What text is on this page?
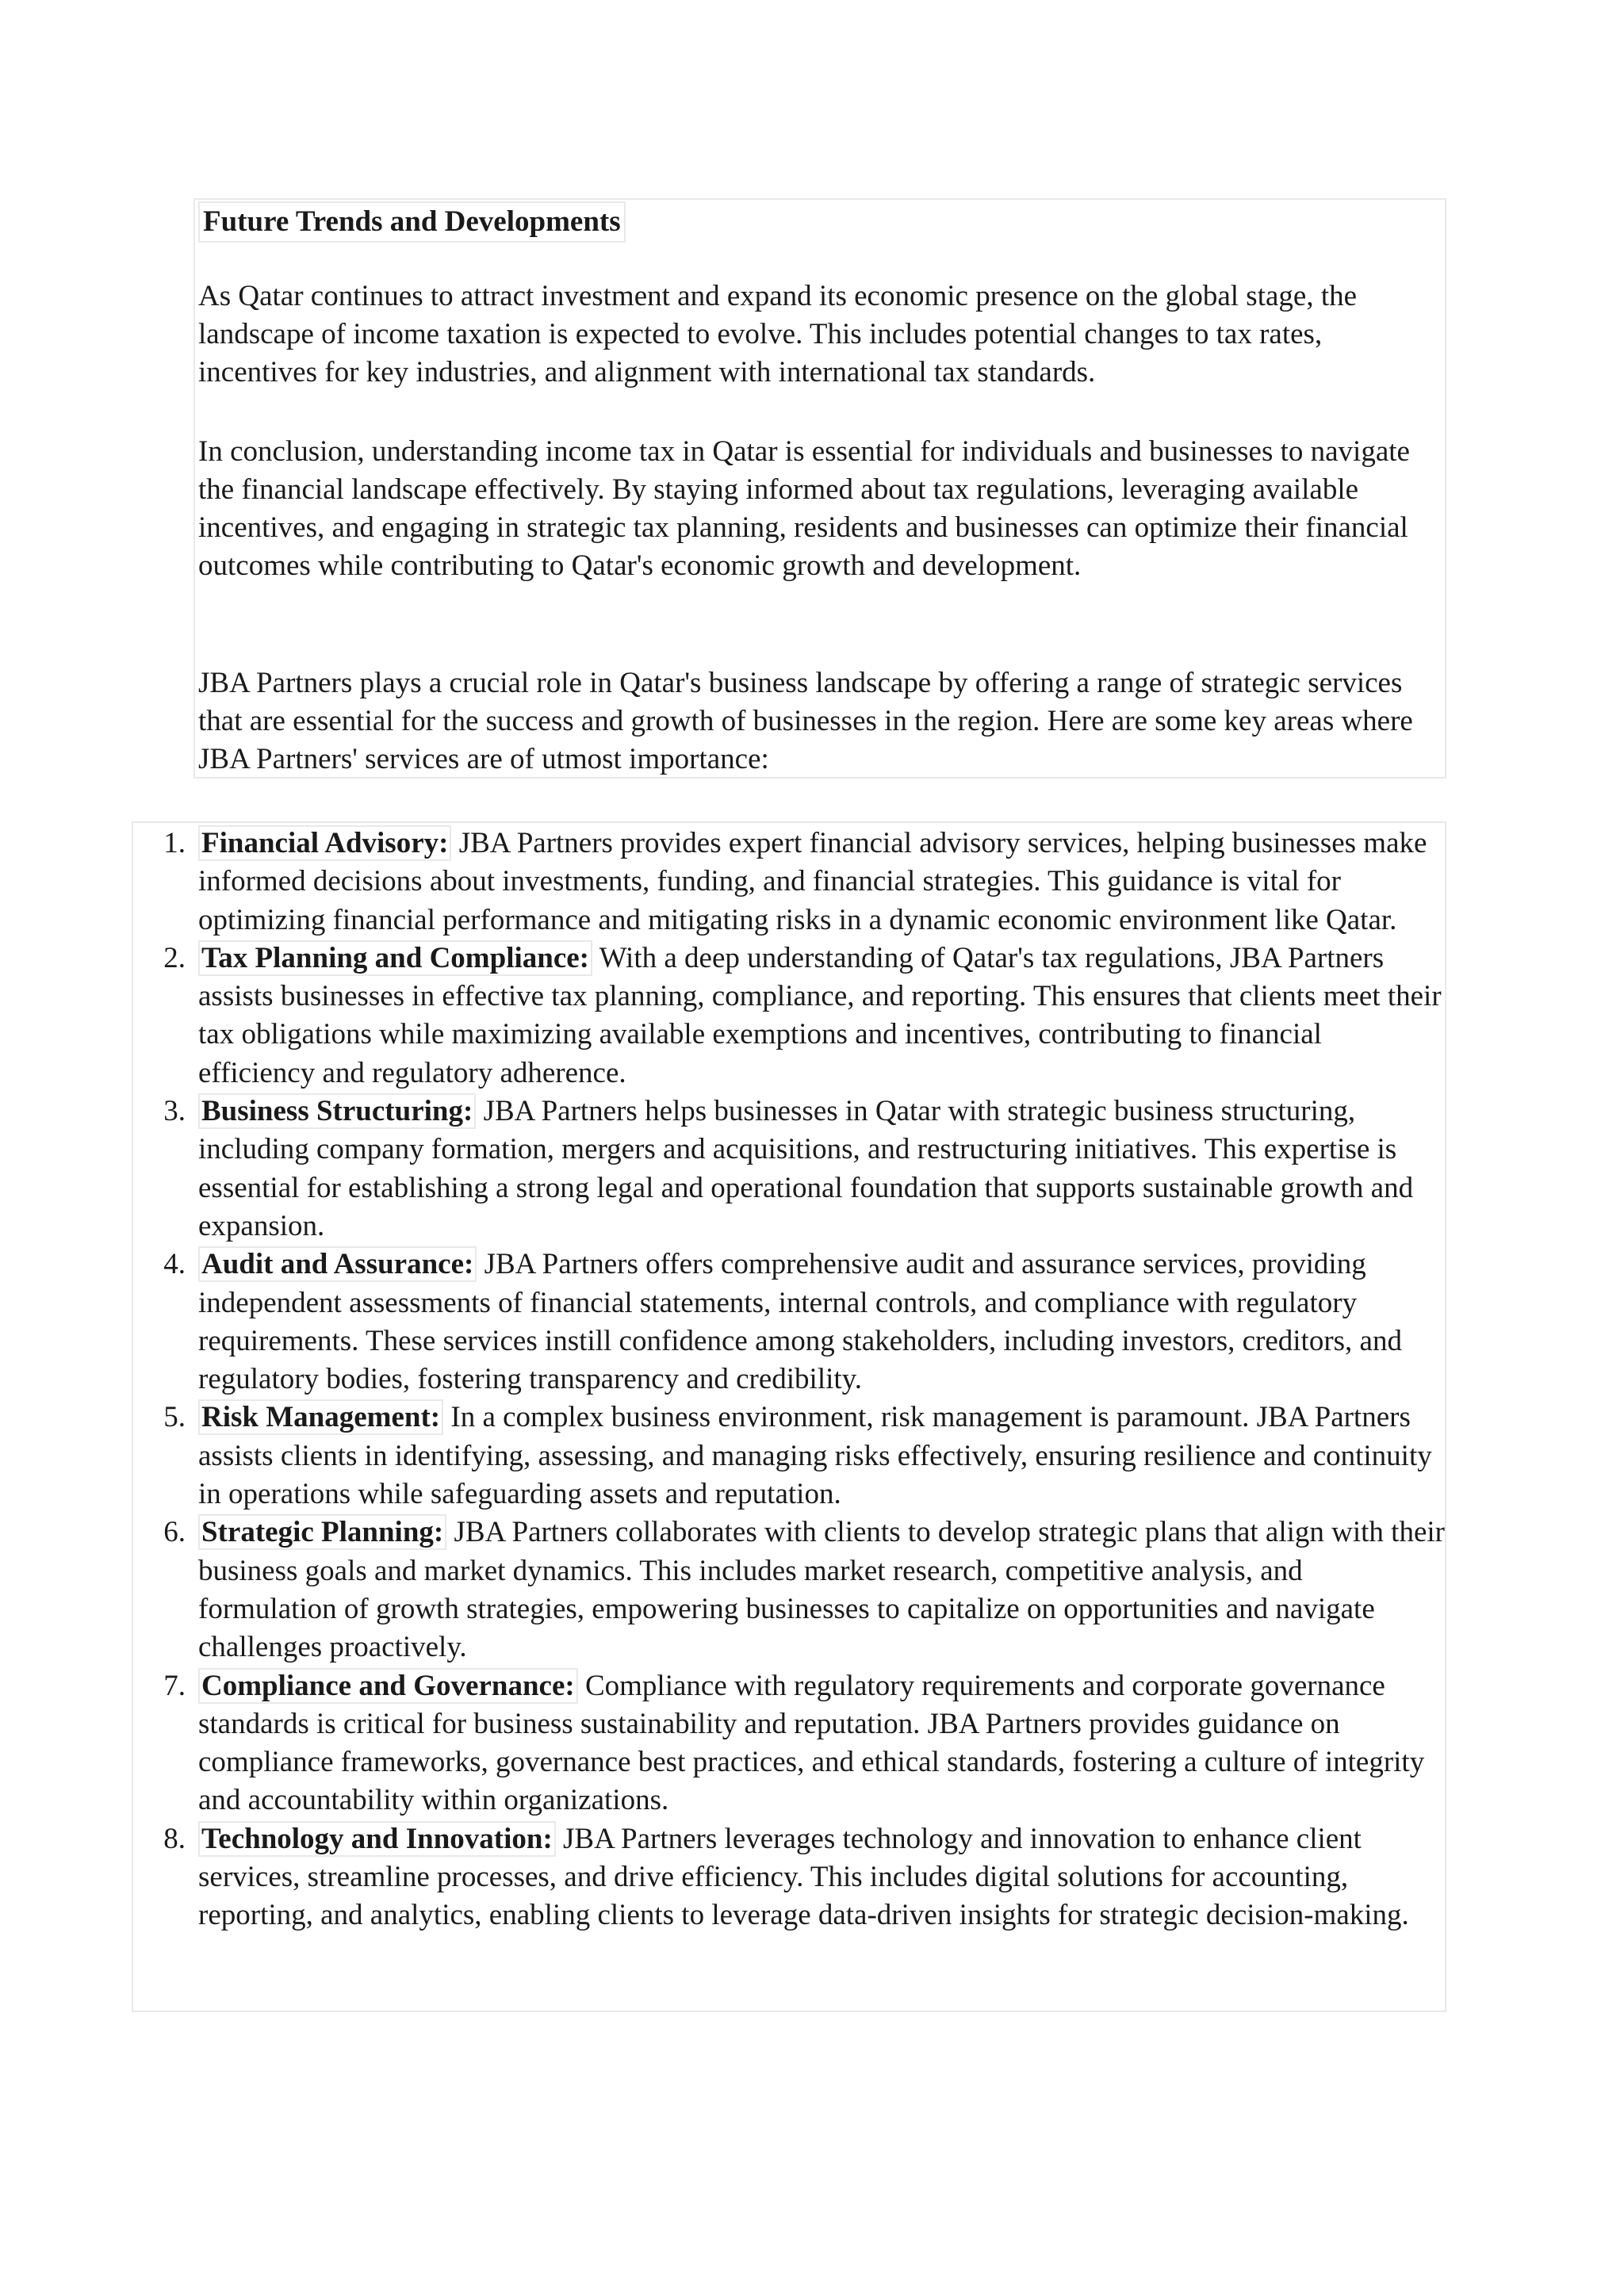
Future Trends and Developments

As Qatar continues to attract investment and expand its economic presence on the global stage, the landscape of income taxation is expected to evolve. This includes potential changes to tax rates, incentives for key industries, and alignment with international tax standards.

In conclusion, understanding income tax in Qatar is essential for individuals and businesses to navigate the financial landscape effectively. By staying informed about tax regulations, leveraging available incentives, and engaging in strategic tax planning, residents and businesses can optimize their financial outcomes while contributing to Qatar's economic growth and development.

JBA Partners plays a crucial role in Qatar's business landscape by offering a range of strategic services that are essential for the success and growth of businesses in the region. Here are some key areas where JBA Partners' services are of utmost importance:

1. Financial Advisory: JBA Partners provides expert financial advisory services, helping businesses make informed decisions about investments, funding, and financial strategies. This guidance is vital for optimizing financial performance and mitigating risks in a dynamic economic environment like Qatar.
2. Tax Planning and Compliance: With a deep understanding of Qatar's tax regulations, JBA Partners assists businesses in effective tax planning, compliance, and reporting. This ensures that clients meet their tax obligations while maximizing available exemptions and incentives, contributing to financial efficiency and regulatory adherence.
3. Business Structuring: JBA Partners helps businesses in Qatar with strategic business structuring, including company formation, mergers and acquisitions, and restructuring initiatives. This expertise is essential for establishing a strong legal and operational foundation that supports sustainable growth and expansion.
4. Audit and Assurance: JBA Partners offers comprehensive audit and assurance services, providing independent assessments of financial statements, internal controls, and compliance with regulatory requirements. These services instill confidence among stakeholders, including investors, creditors, and regulatory bodies, fostering transparency and credibility.
5. Risk Management: In a complex business environment, risk management is paramount. JBA Partners assists clients in identifying, assessing, and managing risks effectively, ensuring resilience and continuity in operations while safeguarding assets and reputation.
6. Strategic Planning: JBA Partners collaborates with clients to develop strategic plans that align with their business goals and market dynamics. This includes market research, competitive analysis, and formulation of growth strategies, empowering businesses to capitalize on opportunities and navigate challenges proactively.
7. Compliance and Governance: Compliance with regulatory requirements and corporate governance standards is critical for business sustainability and reputation. JBA Partners provides guidance on compliance frameworks, governance best practices, and ethical standards, fostering a culture of integrity and accountability within organizations.
8. Technology and Innovation: JBA Partners leverages technology and innovation to enhance client services, streamline processes, and drive efficiency. This includes digital solutions for accounting, reporting, and analytics, enabling clients to leverage data-driven insights for strategic decision-making.
